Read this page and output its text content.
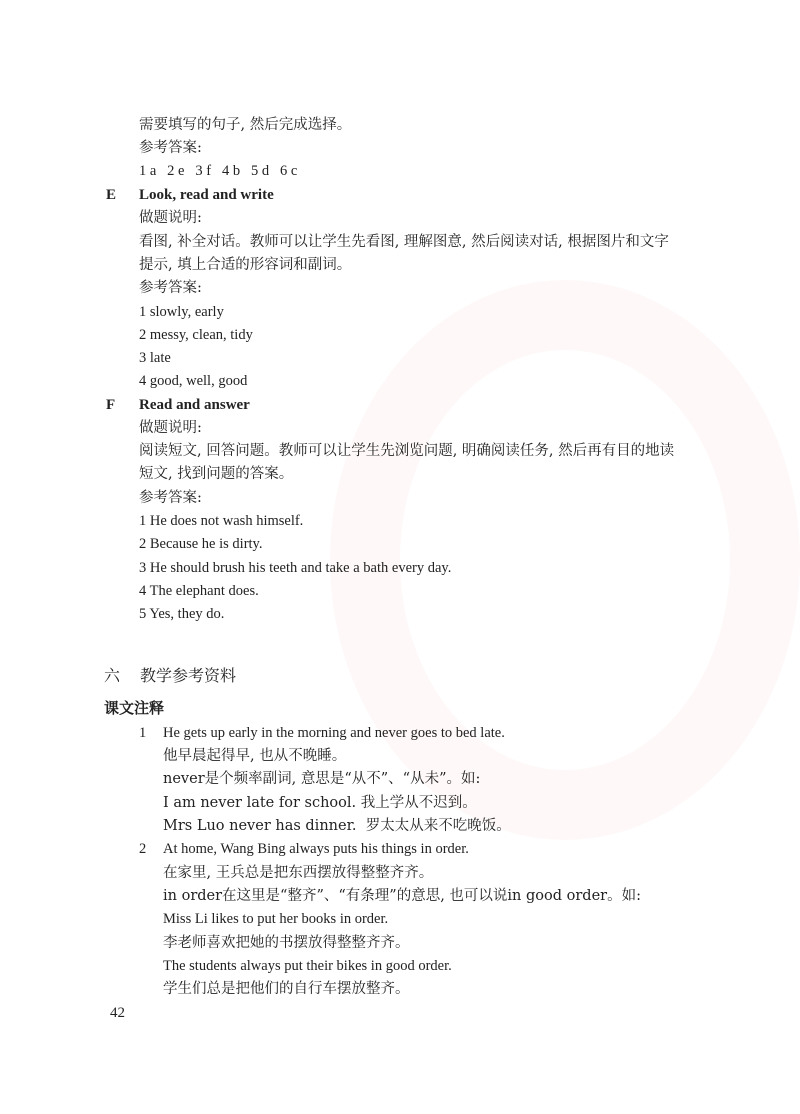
需要填写的句子, 然后完成选择。
参考答案:
1 a   2 e   3 f   4 b   5 d   6 c
E Look, read and write
做题说明:
看图, 补全对话。教师可以让学生先看图, 理解图意, 然后阅读对话, 根据图片和文字
提示, 填上合适的形容词和副词。
参考答案:
1 slowly, early
2 messy, clean, tidy
3 late
4 good, well, good
F Read and answer
做题说明:
阅读短文, 回答问题。教师可以让学生先浏览问题, 明确阅读任务, 然后再有目的地读
短文, 找到问题的答案。
参考答案:
1 He does not wash himself.
2 Because he is dirty.
3 He should brush his teeth and take a bath every day.
4 The elephant does.
5 Yes, they do.
六 教学参考资料
课文注释
1 He gets up early in the morning and never goes to bed late.
他早晨起得早, 也从不晚睡。
never是个频率副词, 意思是“从不”、“从未”。如:
I am never late for school. 我上学从不迟到。
Mrs Luo never has dinner.  罗太太从来不吃晚饭。
2 At home, Wang Bing always puts his things in order.
在家里, 王兵总是把东西摆放得整整齐齐。
in order在这里是“整齐”、“有条理”的意思, 也可以说in good order。如:
Miss Li likes to put her books in order.
李老师喜欢把她的书摆放得整整齐齐。
The students always put their bikes in good order.
学生们总是把他们的自行车摆放整齐。
42
